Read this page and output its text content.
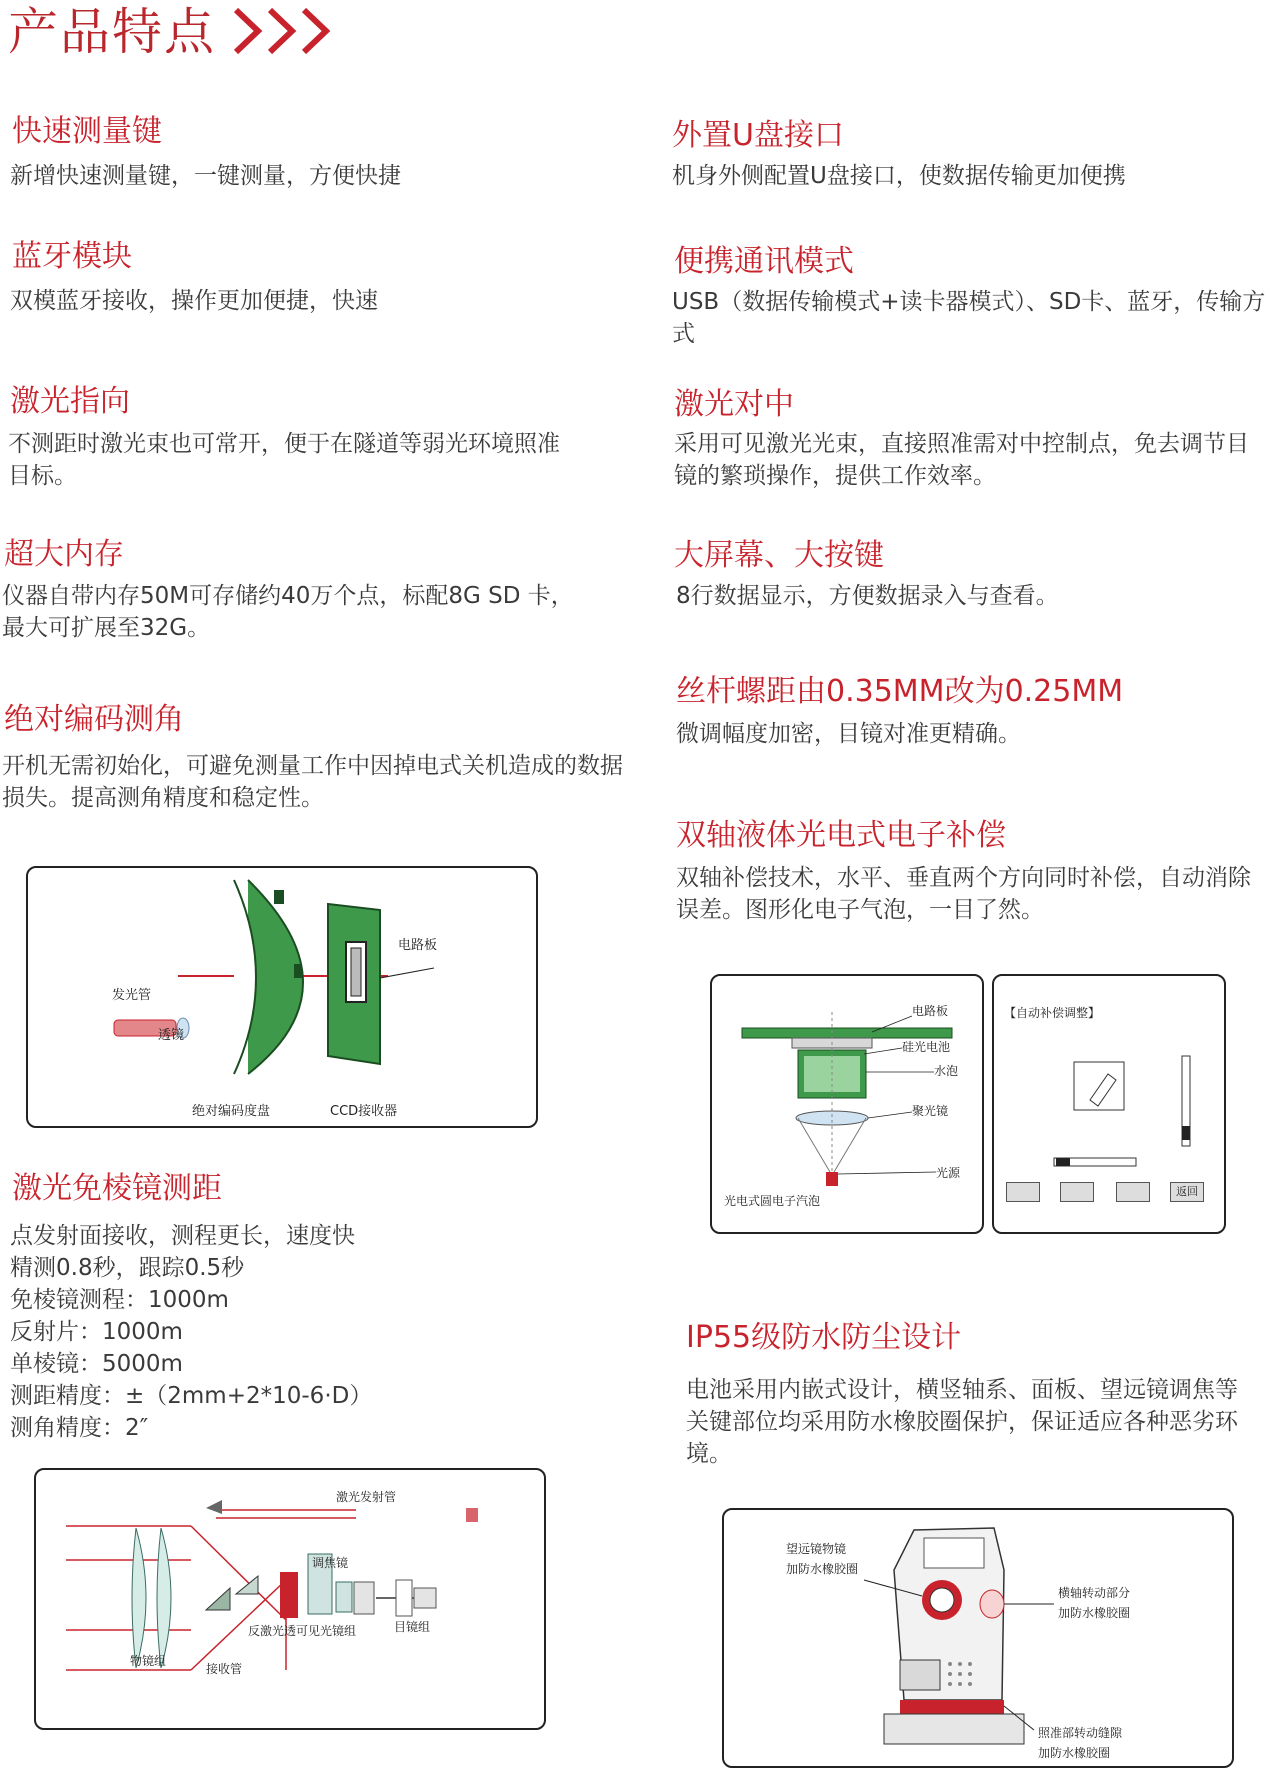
产品特点
快速测量键
新增快速测量键，一键测量，方便快捷
蓝牙模块
双模蓝牙接收，操作更加便捷，快速
激光指向
不测距时激光束也可常开，便于在隧道等弱光环境照准目标。
超大内存
仪器自带内存50M可存储约40万个点，标配8G SD 卡，最大可扩展至32G。
绝对编码测角
开机无需初始化，可避免测量工作中因掉电式关机造成的数据损失。提高测角精度和稳定性。
电路板
发光管
透镜
绝对编码度盘	CCD接收器
激光免棱镜测距
点发射面接收，测程更长，速度快
精测0.8秒，跟踪0.5秒
免棱镜测程：1000m
反射片：1000m
单棱镜：5000m
测距精度：±（2mm+2*10-6·D）
测角精度：2″
激光发射管
调焦镜
反激光透可见光镜组	目镜组
物镜组
接收管
外置U盘接口
机身外侧配置U盘接口，使数据传输更加便携
便携通讯模式
USB（数据传输模式+读卡器模式）、SD卡、蓝牙，传输方式
激光对中
采用可见激光光束，直接照准需对中控制点，免去调节目镜的繁琐操作，提供工作效率。
大屏幕、大按键
8行数据显示，方便数据录入与查看。
丝杆螺距由0.35MM改为0.25MM
微调幅度加密，目镜对准更精确。
双轴液体光电式电子补偿
双轴补偿技术，水平、垂直两个方向同时补偿，自动消除误差。图形化电子气泡，一目了然。
电路板
硅光电池
水泡
聚光镜
光源
光电式圆电子汽泡
【自动补偿调整】
返回
IP55级防水防尘设计
电池采用内嵌式设计，横竖轴系、面板、望远镜调焦等关键部位均采用防水橡胶圈保护，保证适应各种恶劣环境。
望远镜物镜
加防水橡胶圈
横轴转动部分
加防水橡胶圈
照准部转动缝隙
加防水橡胶圈
